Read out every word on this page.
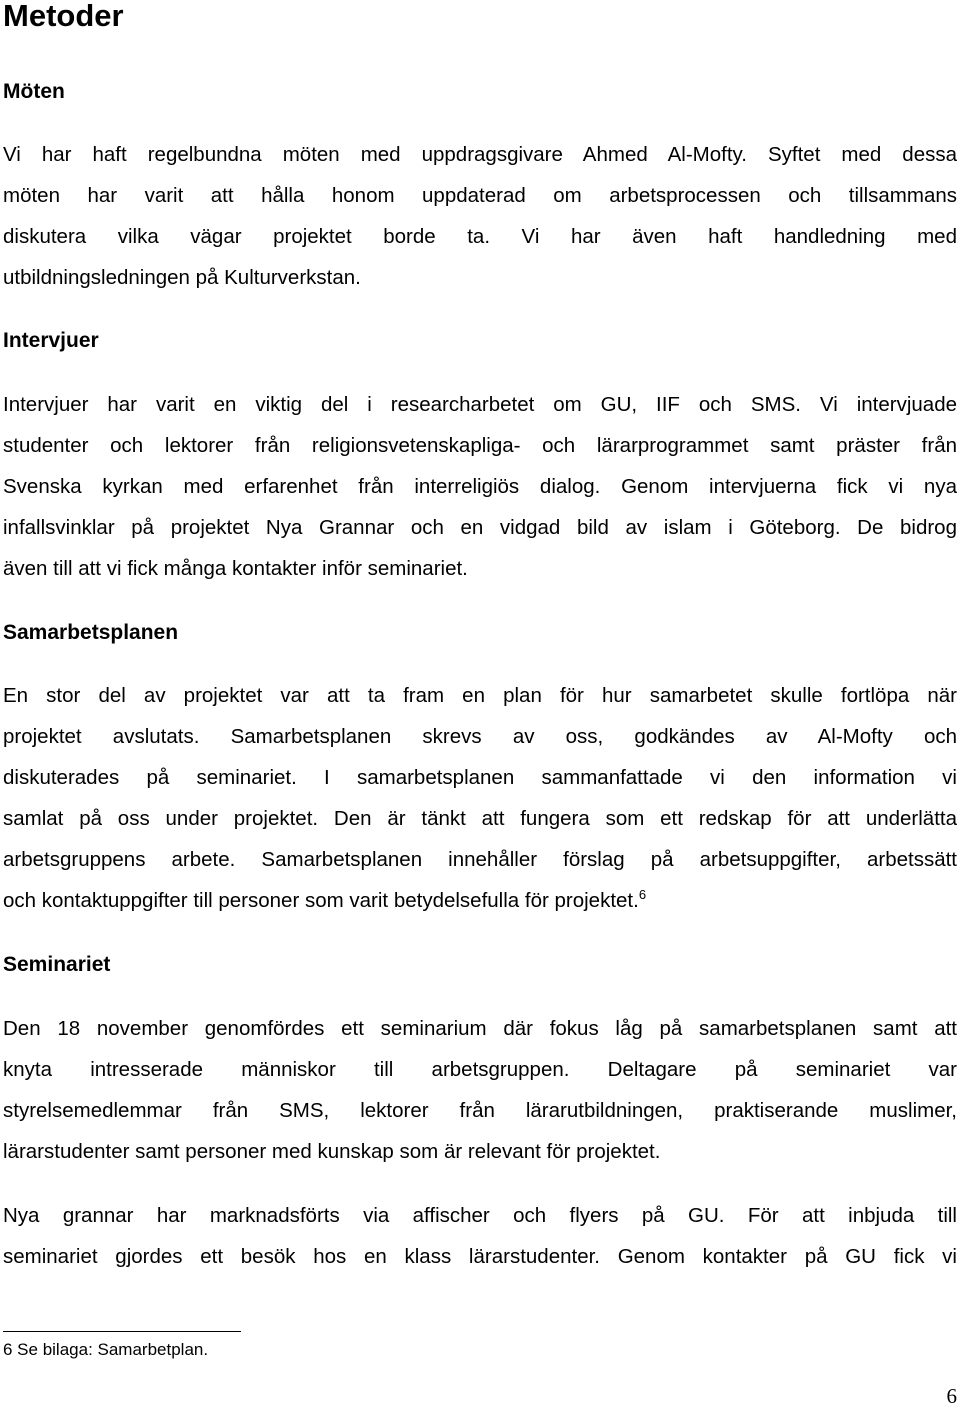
Metoder
Möten
Vi har haft regelbundna möten med uppdragsgivare Ahmed Al-Mofty. Syftet med dessa
möten har varit att hålla honom uppdaterad om arbetsprocessen och tillsammans
diskutera vilka vägar projektet borde ta. Vi har även haft handledning med
utbildningsledningen på Kulturverkstan.
Intervjuer
Intervjuer har varit en viktig del i researcharbetet om GU, IIF och SMS. Vi intervjuade
studenter och lektorer från religionsvetenskapliga- och lärarprogrammet samt präster från
Svenska kyrkan med erfarenhet från interreligiös dialog. Genom intervjuerna fick vi nya
infallsvinklar på projektet Nya Grannar och en vidgad bild av islam i Göteborg. De bidrog
även till att vi fick många kontakter inför seminariet.
Samarbetsplanen
En stor del av projektet var att ta fram en plan för hur samarbetet skulle fortlöpa när
projektet avslutats. Samarbetsplanen skrevs av oss, godkändes av Al-Mofty och
diskuterades på seminariet. I samarbetsplanen sammanfattade vi den information vi
samlat på oss under projektet. Den är tänkt att fungera som ett redskap för att underlätta
arbetsgruppens arbete. Samarbetsplanen innehåller förslag på arbetsuppgifter, arbetssätt
och kontaktuppgifter till personer som varit betydelsefulla för projektet.$^6$
Seminariet
Den 18 november genomfördes ett seminarium där fokus låg på samarbetsplanen samt att
knyta intresserade människor till arbetsgruppen. Deltagare på seminariet var
styrelsemedlemmar från SMS, lektorer från lärarutbildningen, praktiserande muslimer,
lärarstudenter samt personer med kunskap som är relevant för projektet.
Nya grannar har marknadsförts via affischer och flyers på GU. För att inbjuda till
seminariet gjordes ett besök hos en klass lärarstudenter. Genom kontakter på GU fick vi

6 Se bilaga: Samarbetplan.

6
